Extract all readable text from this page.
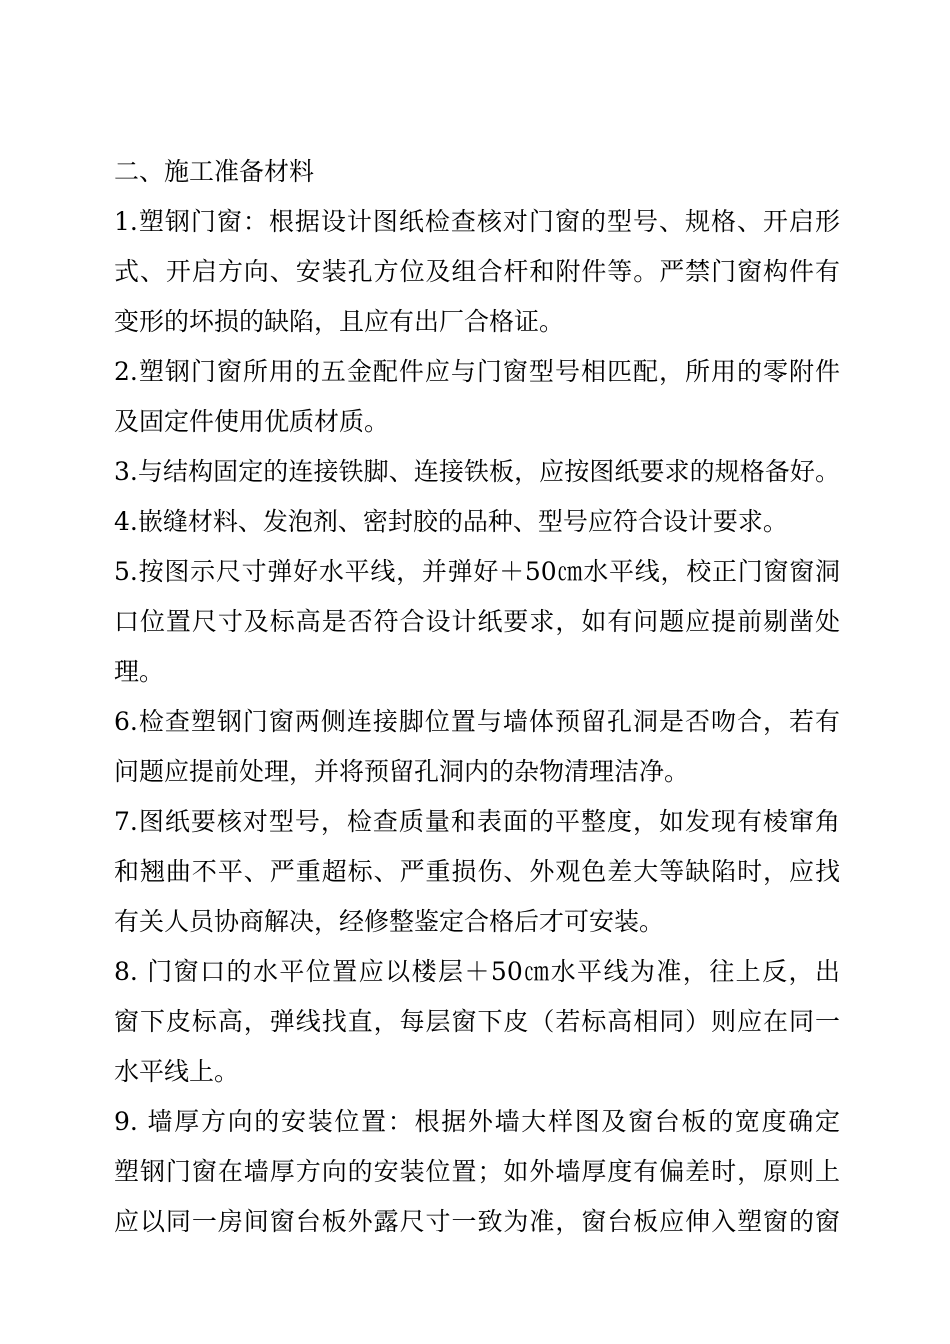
二、施工准备材料
1.塑钢门窗：根据设计图纸检查核对门窗的型号、规格、开启形
式、开启方向、安装孔方位及组合杆和附件等。严禁门窗构件有
变形的坏损的缺陷，且应有出厂合格证。
2.塑钢门窗所用的五金配件应与门窗型号相匹配，所用的零附件
及固定件使用优质材质。
3.与结构固定的连接铁脚、连接铁板，应按图纸要求的规格备好。
4.嵌缝材料、发泡剂、密封胶的品种、型号应符合设计要求。
5.按图示尺寸弹好水平线，并弹好＋50㎝水平线，校正门窗窗洞
口位置尺寸及标高是否符合设计纸要求，如有问题应提前剔凿处
理。
6.检查塑钢门窗两侧连接脚位置与墙体预留孔洞是否吻合，若有
问题应提前处理，并将预留孔洞内的杂物清理洁净。
7.图纸要核对型号，检查质量和表面的平整度，如发现有棱窜角
和翘曲不平、严重超标、严重损伤、外观色差大等缺陷时，应找
有关人员协商解决，经修整鉴定合格后才可安装。
8. 门窗口的水平位置应以楼层＋50㎝水平线为准，往上反，出
窗下皮标高，弹线找直，每层窗下皮（若标高相同）则应在同一
水平线上。
9. 墙厚方向的安装位置：根据外墙大样图及窗台板的宽度确定
塑钢门窗在墙厚方向的安装位置；如外墙厚度有偏差时，原则上
应以同一房间窗台板外露尺寸一致为准，窗台板应伸入塑窗的窗
